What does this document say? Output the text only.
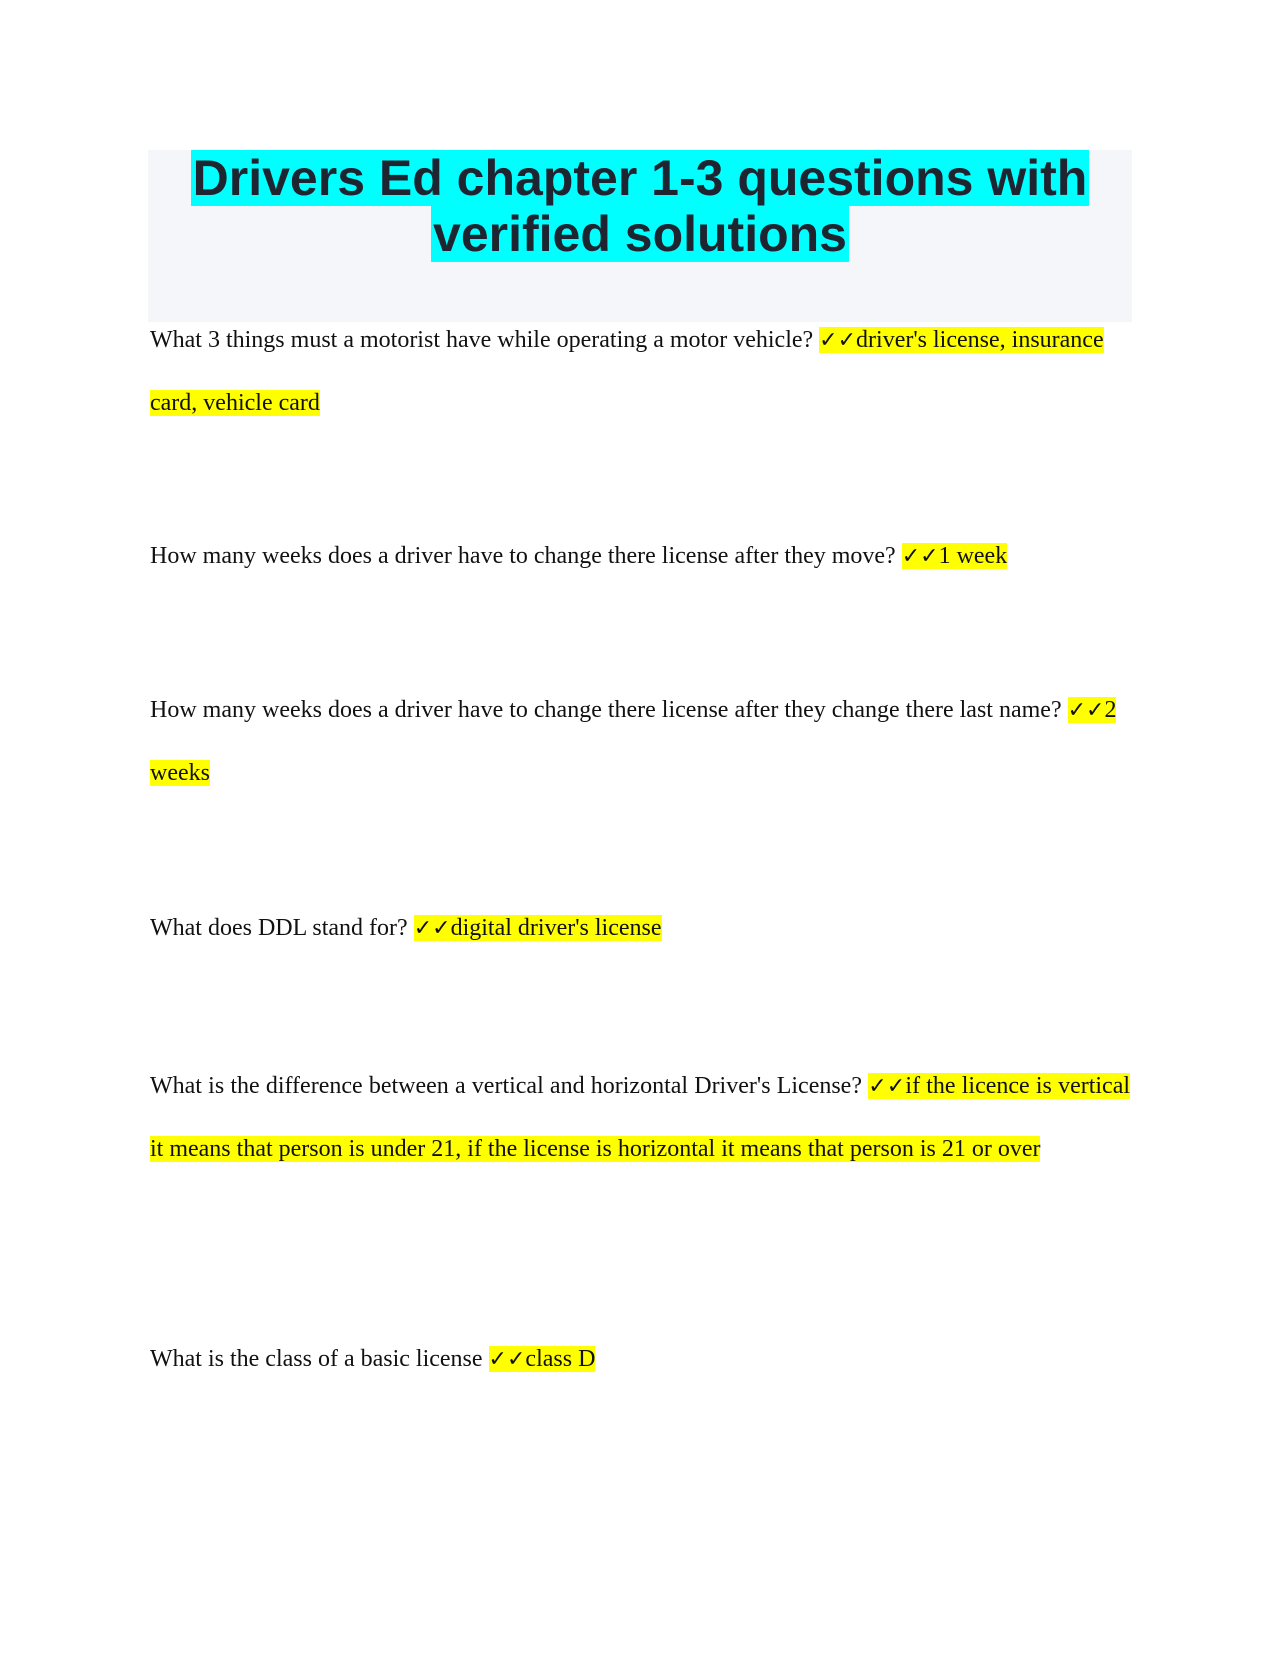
Drivers Ed chapter 1-3 questions with verified solutions

What 3 things must a motorist have while operating a motor vehicle? ✓✓driver's license, insurance card, vehicle card

How many weeks does a driver have to change there license after they move? ✓✓1 week

How many weeks does a driver have to change there license after they change there last name? ✓✓2 weeks

What does DDL stand for? ✓✓digital driver's license

What is the difference between a vertical and horizontal Driver's License? ✓✓if the licence is vertical it means that person is under 21, if the license is horizontal it means that person is 21 or over

What is the class of a basic license ✓✓class D
